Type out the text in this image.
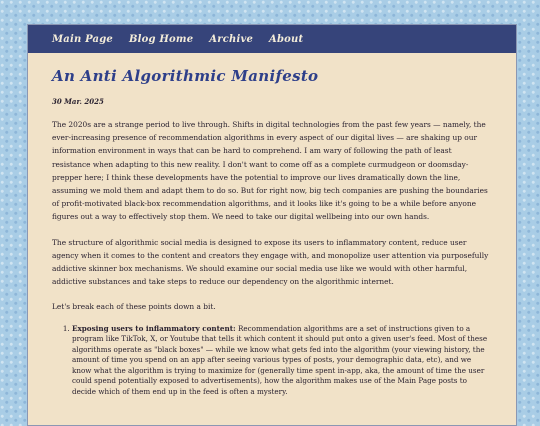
Main Page Blog Home Archive About
An Anti Algorithmic Manifesto
30 Mar. 2025

The 2020s are a strange period to live through. Shifts in digital technologies from the past few years — namely, the ever-increasing presence of recommendation algorithms in every aspect of our digital lives — are shaking up our information environment in ways that can be hard to comprehend. I am wary of following the path of least resistance when adapting to this new reality. I don't want to come off as a complete curmudgeon or doomsday-prepper here; I think these developments have the potential to improve our lives dramatically down the line, assuming we mold them and adapt them to do so. But for right now, big tech companies are pushing the boundaries of profit-motivated black-box recommendation algorithms, and it looks like it's going to be a while before anyone figures out a way to effectively stop them. We need to take our digital wellbeing into our own hands.

The structure of algorithmic social media is designed to expose its users to inflammatory content, reduce user agency when it comes to the content and creators they engage with, and monopolize user attention via purposefully addictive skinner box mechanisms. We should examine our social media use like we would with other harmful, addictive substances and take steps to reduce our dependency on the algorithmic internet.

Let's break each of these points down a bit.

1. Exposing users to inflammatory content: Recommendation algorithms are a set of instructions given to a program like TikTok, X, or Youtube that tells it which content it should put onto a given user's feed. Most of these algorithms operate as "black boxes" — while we know what gets fed into the algorithm (your viewing history, the amount of time you spend on an app after seeing various types of posts, your demographic data, etc), and we know what the algorithm is trying to maximize for (generally time spent in-app, aka, the amount of time the user could spend potentially exposed to advertisements), how the algorithm makes use of the Main Page posts to decide which of them end up in the feed is often a mystery.
